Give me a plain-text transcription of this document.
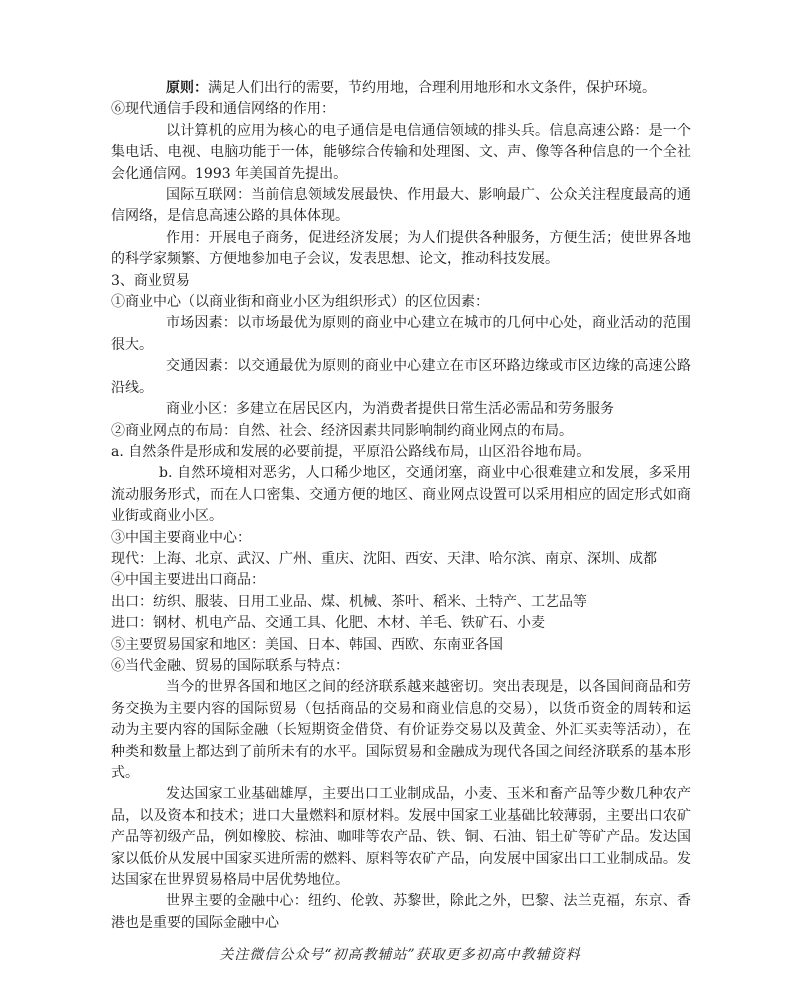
原则：满足人们出行的需要，节约用地，合理利用地形和水文条件，保护环境。

⑥现代通信手段和通信网络的作用：

以计算机的应用为核心的电子通信是电信通信领域的排头兵。信息高速公路：是一个集电话、电视、电脑功能于一体，能够综合传输和处理图、文、声、像等各种信息的一个全社会化通信网。1993 年美国首先提出。

国际互联网：当前信息领域发展最快、作用最大、影响最广、公众关注程度最高的通信网络，是信息高速公路的具体体现。

作用：开展电子商务，促进经济发展；为人们提供各种服务，方便生活；使世界各地的科学家频繁、方便地参加电子会议，发表思想、论文，推动科技发展。

3、商业贸易

①商业中心（以商业街和商业小区为组织形式）的区位因素：

市场因素：以市场最优为原则的商业中心建立在城市的几何中心处，商业活动的范围很大。

交通因素：以交通最优为原则的商业中心建立在市区环路边缘或市区边缘的高速公路沿线。

商业小区：多建立在居民区内，为消费者提供日常生活必需品和劳务服务

②商业网点的布局：自然、社会、经济因素共同影响制约商业网点的布局。

a. 自然条件是形成和发展的必要前提，平原沿公路线布局，山区沿谷地布局。

b. 自然环境相对恶劣，人口稀少地区，交通闭塞，商业中心很难建立和发展，多采用流动服务形式，而在人口密集、交通方便的地区、商业网点设置可以采用相应的固定形式如商业街或商业小区。

③中国主要商业中心：

现代：上海、北京、武汉、广州、重庆、沈阳、西安、天津、哈尔滨、南京、深圳、成都

④中国主要进出口商品：

出口：纺织、服装、日用工业品、煤、机械、茶叶、稻米、土特产、工艺品等

进口：钢材、机电产品、交通工具、化肥、木材、羊毛、铁矿石、小麦

⑤主要贸易国家和地区：美国、日本、韩国、西欧、东南亚各国

⑥当代金融、贸易的国际联系与特点：

当今的世界各国和地区之间的经济联系越来越密切。突出表现是，以各国间商品和劳务交换为主要内容的国际贸易（包括商品的交易和商业信息的交易），以货币资金的周转和运动为主要内容的国际金融（长短期资金借贷、有价证券交易以及黄金、外汇买卖等活动），在种类和数量上都达到了前所未有的水平。国际贸易和金融成为现代各国之间经济联系的基本形式。

发达国家工业基础雄厚，主要出口工业制成品，小麦、玉米和畜产品等少数几种农产品，以及资本和技术；进口大量燃料和原材料。发展中国家工业基础比较薄弱，主要出口农矿产品等初级产品，例如橡胶、棕油、咖啡等农产品、铁、铜、石油、铝土矿等矿产品。发达国家以低价从发展中国家买进所需的燃料、原料等农矿产品，向发展中国家出口工业制成品。发达国家在世界贸易格局中居优势地位。

世界主要的金融中心：纽约、伦敦、苏黎世，除此之外，巴黎、法兰克福，东京、香港也是重要的国际金融中心

关注微信公众号“初高教辅站”获取更多初高中教辅资料
